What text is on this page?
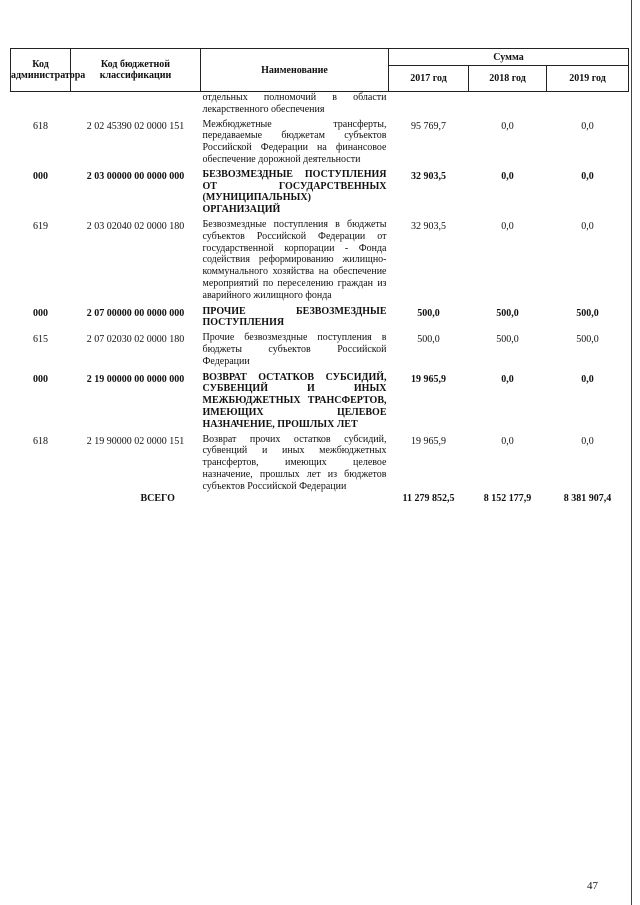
Код администратора	Код бюджетной классификации	Наименование	Сумма		
			2017 год	2018 год	2019 год
		отдельных полномочий в области лекарственного обеспечения			
618	2 02 45390 02 0000 151	Межбюджетные трансферты, передаваемые бюджетам субъектов Российской Федерации на финансовое обеспечение дорожной деятельности	95 769,7	0,0	0,0
000	2 03 00000 00 0000 000	БЕЗВОЗМЕЗДНЫЕ ПОСТУПЛЕНИЯ ОТ ГОСУДАРСТВЕННЫХ (МУНИЦИПАЛЬНЫХ) ОРГАНИЗАЦИЙ	32 903,5	0,0	0,0
619	2 03 02040 02 0000 180	Безвозмездные поступления в бюджеты субъектов Российской Федерации от государственной корпорации - Фонда содействия реформированию жилищно-коммунального хозяйства на обеспечение мероприятий по переселению граждан из аварийного жилищного фонда	32 903,5	0,0	0,0
000	2 07 00000 00 0000 000	ПРОЧИЕ БЕЗВОЗМЕЗДНЫЕ ПОСТУПЛЕНИЯ	500,0	500,0	500,0
615	2 07 02030 02 0000 180	Прочие безвозмездные поступления в бюджеты субъектов Российской Федерации	500,0	500,0	500,0
000	2 19 00000 00 0000 000	ВОЗВРАТ ОСТАТКОВ СУБСИДИЙ, СУБВЕНЦИЙ И ИНЫХ МЕЖБЮДЖЕТНЫХ ТРАНСФЕРТОВ, ИМЕЮЩИХ ЦЕЛЕВОЕ НАЗНАЧЕНИЕ, ПРОШЛЫХ ЛЕТ	19 965,9	0,0	0,0
618	2 19 90000 02 0000 151	Возврат прочих остатков субсидий, субвенций и иных межбюджетных трансфертов, имеющих целевое назначение, прошлых лет из бюджетов субъектов Российской Федерации	19 965,9	0,0	0,0
	ВСЕГО		11 279 852,5	8 152 177,9	8 381 907,4
47
